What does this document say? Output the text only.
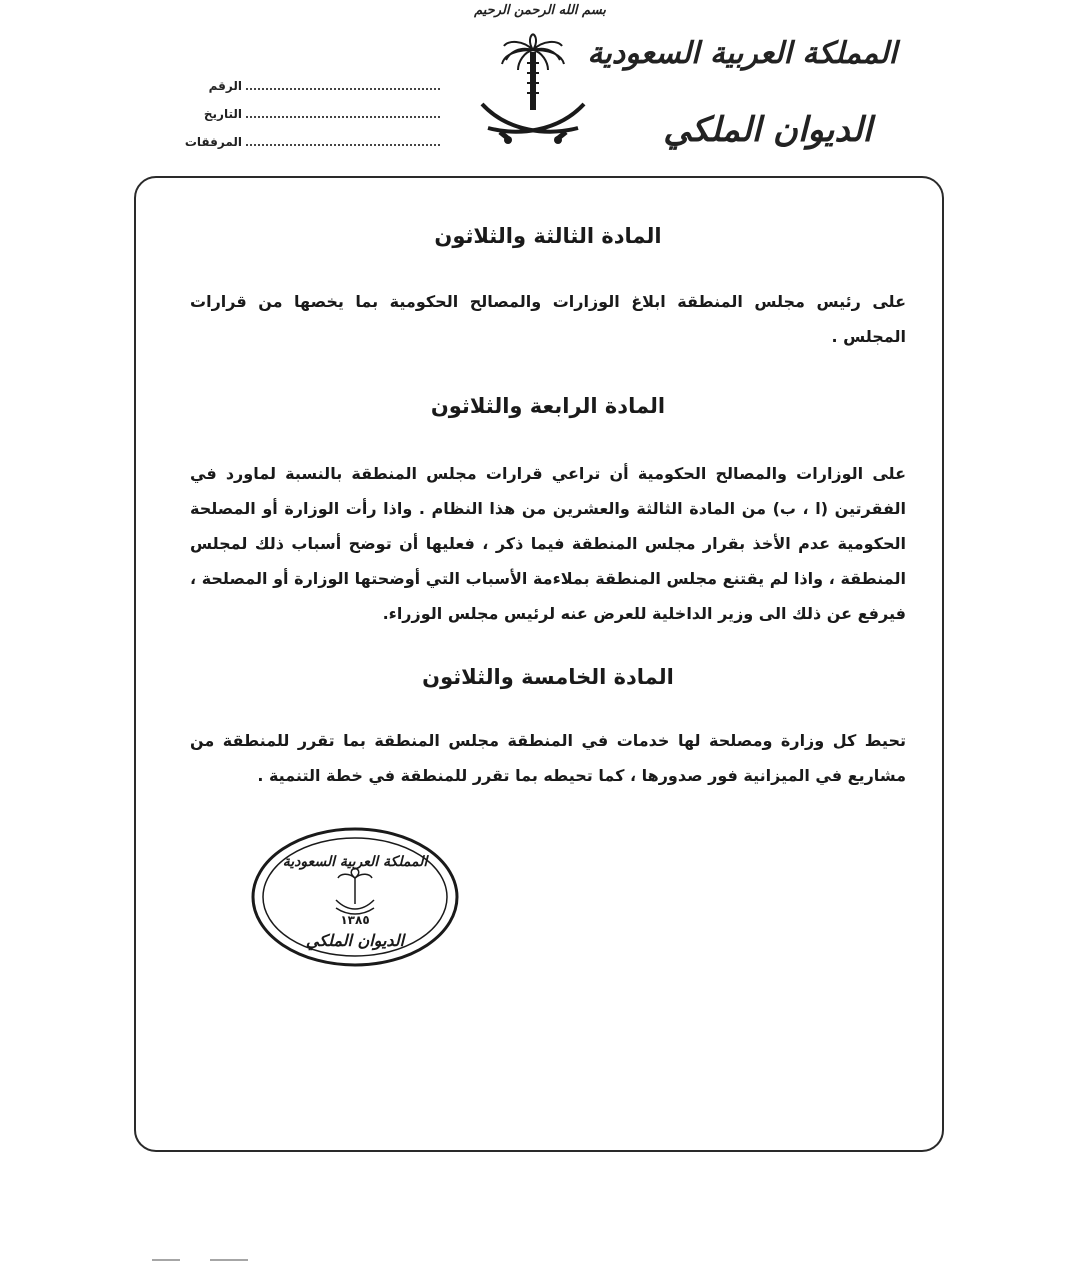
بسم الله الرحمن الرحيم
المملكة العربية السعودية
الديوان الملكي
الرقم
التاريخ
المرفقات
المادة الثالثة والثلاثون

على رئيس مجلس المنطقة ابلاغ الوزارات والمصالح الحكومية بما يخصها من قرارات المجلس .

المادة الرابعة والثلاثون

على الوزارات والمصالح الحكومية أن تراعي قرارات مجلس المنطقة بالنسبة لماورد في الفقرتين (ا ، ب) من المادة الثالثة والعشرين من هذا النظام . واذا رأت الوزارة أو المصلحة الحكومية عدم الأخذ بقرار مجلس المنطقة فيما ذكر ، فعليها أن توضح أسباب ذلك لمجلس المنطقة ، واذا لم يقتنع مجلس المنطقة بملاءمة الأسباب التي أوضحتها الوزارة أو المصلحة ، فيرفع عن ذلك الى وزير الداخلية للعرض عنه لرئيس مجلس الوزراء.

المادة الخامسة والثلاثون

تحيط كل وزارة ومصلحة لها خدمات في المنطقة مجلس المنطقة بما تقرر للمنطقة من مشاريع في الميزانية فور صدورها ، كما تحيطه بما تقرر للمنطقة في خطة التنمية .

المملكة العربية السعودية
١٣٨٥
الديوان الملكي
